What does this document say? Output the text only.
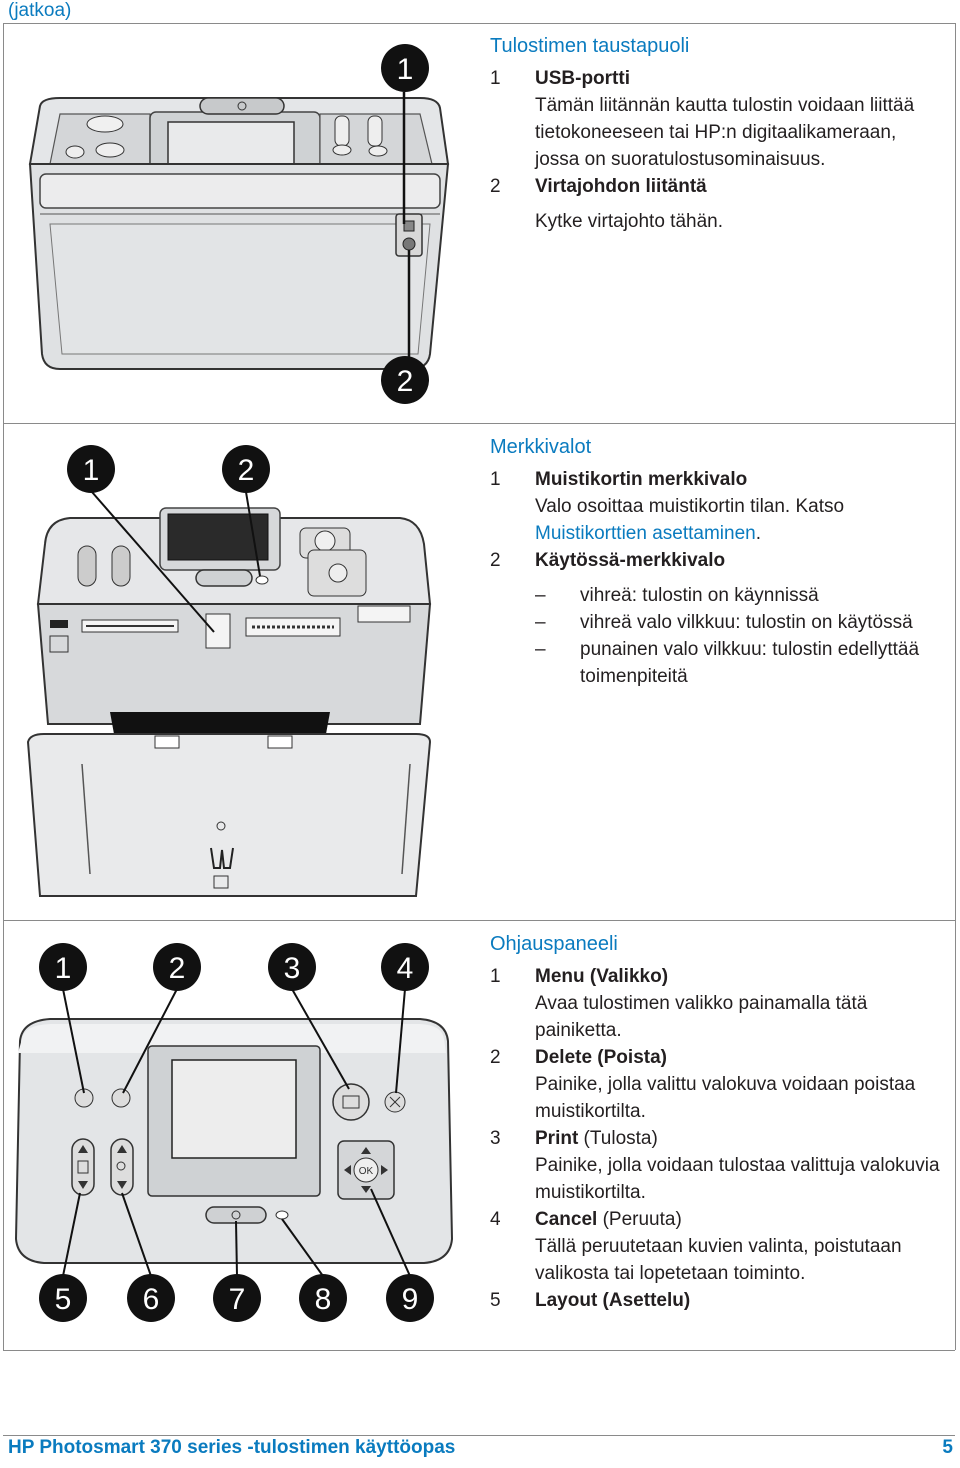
(jatkoa)
1
2
Tulostimen taustapuoli
1 USB-portti
Tämän liitännän kautta tulostin voidaan liittää tietokoneeseen tai HP:n digitaalikameraan, jossa on suoratulostusominaisuus.
2 Virtajohdon liitäntä
Kytke virtajohto tähän.
1	2
Merkkivalot
1 Muistikortin merkkivalo
Valo osoittaa muistikortin tilan. Katso Muistikorttien asettaminen.
2 Käytössä-merkkivalo
– vihreä: tulostin on käynnissä
– vihreä valo vilkkuu: tulostin on käytössä
– punainen valo vilkkuu: tulostin edellyttää toimenpiteitä
OK
1	2	3	4
5 6 7 8 9
Ohjauspaneeli
1 Menu (Valikko)
Avaa tulostimen valikko painamalla tätä painiketta.
2 Delete (Poista)
Painike, jolla valittu valokuva voidaan poistaa muistikortilta.
3 Print (Tulosta)
Painike, jolla voidaan tulostaa valittuja valokuvia muistikortilta.
4 Cancel (Peruuta)
Tällä peruutetaan kuvien valinta, poistutaan valikosta tai lopetetaan toiminto.
5 Layout (Asettelu)
HP Photosmart 370 series -tulostimen käyttöopas	5
